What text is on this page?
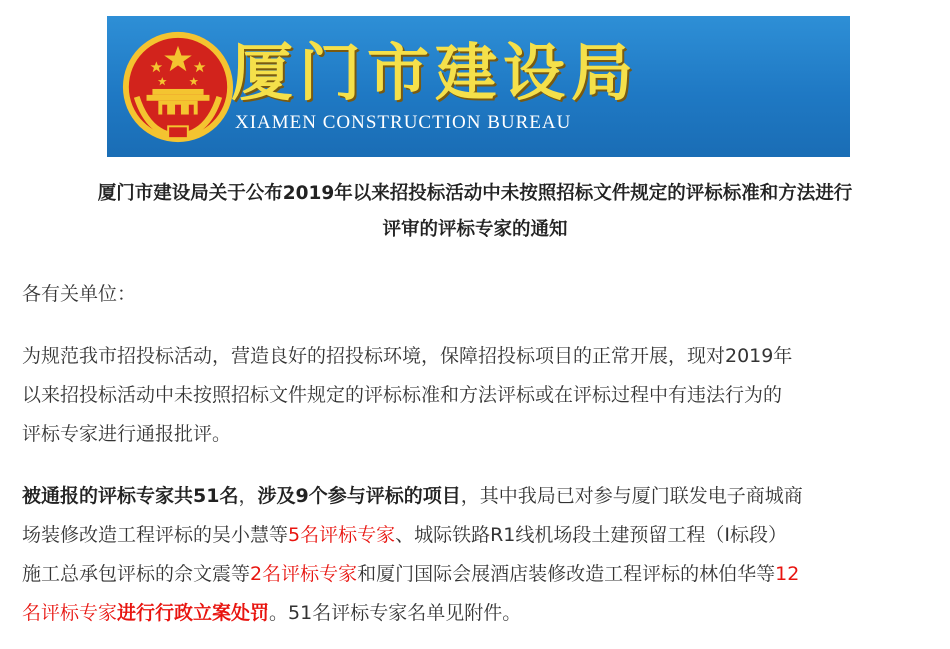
厦门市建设局
XIAMEN CONSTRUCTION BUREAU
厦门市建设局关于公布2019年以来招投标活动中未按照招标文件规定的评标标准和方法进行
评审的评标专家的通知
各有关单位：
为规范我市招投标活动，营造良好的招投标环境，保障招投标项目的正常开展，现对2019年
以来招投标活动中未按照招标文件规定的评标标准和方法评标或在评标过程中有违法行为的
评标专家进行通报批评。
被通报的评标专家共51名，涉及9个参与评标的项目，其中我局已对参与厦门联发电子商城商
场装修改造工程评标的吴小慧等5名评标专家、城际铁路R1线机场段土建预留工程（Ⅰ标段）
施工总承包评标的佘文震等2名评标专家和厦门国际会展酒店装修改造工程评标的林伯华等12
名评标专家进行行政立案处罚。51名评标专家名单见附件。
